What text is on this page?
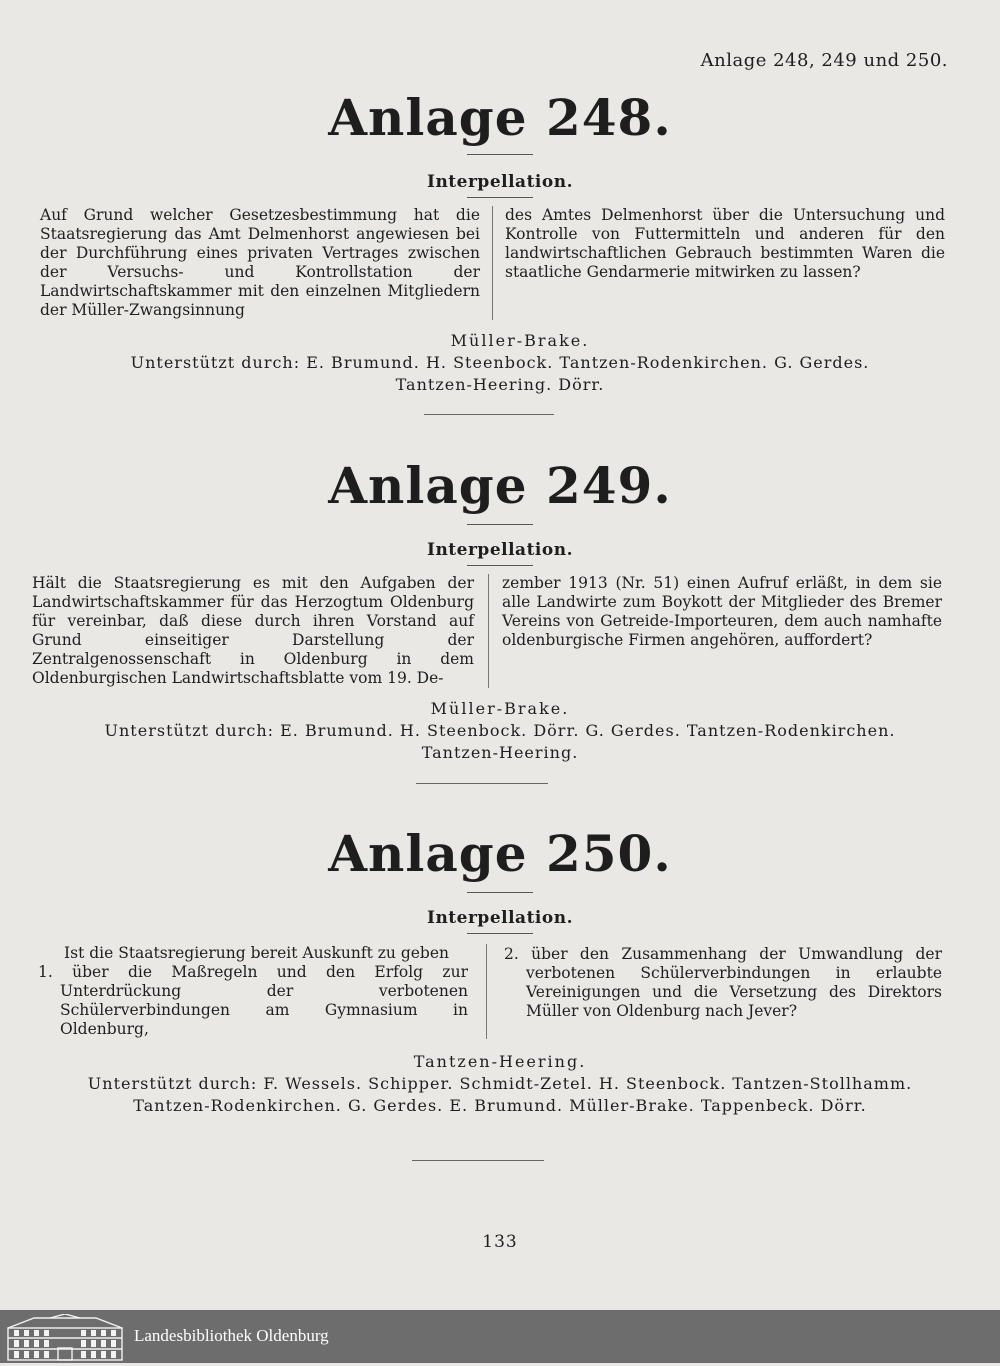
Anlage 248, 249 und 250.
Anlage 248.

Interpellation.

Auf Grund welcher Gesetzesbestimmung hat die Staatsregierung das Amt Delmenhorst angewiesen bei der Durchführung eines privaten Vertrages zwischen der Versuchs- und Kontrollstation der Landwirtschaftskammer mit den einzelnen Mitgliedern der Müller-Zwangsinnung
des Amtes Delmenhorst über die Untersuchung und Kontrolle von Futtermitteln und anderen für den landwirtschaftlichen Gebrauch bestimmten Waren die staatliche Gendarmerie mitwirken zu lassen?
Müller-Brake.
Unterstützt durch: E. Brumund. H. Steenbock. Tantzen-Rodenkirchen. G. Gerdes.
Tantzen-Heering. Dörr.
Anlage 249.

Interpellation.

Hält die Staatsregierung es mit den Aufgaben der Landwirtschaftskammer für das Herzogtum Oldenburg für vereinbar, daß diese durch ihren Vorstand auf Grund einseitiger Darstellung der Zentralgenossenschaft in Oldenburg in dem Oldenburgischen Landwirtschaftsblatte vom 19. De-
zember 1913 (Nr. 51) einen Aufruf erläßt, in dem sie alle Landwirte zum Boykott der Mitglieder des Bremer Vereins von Getreide-Importeuren, dem auch namhafte oldenburgische Firmen angehören, auffordert?
Müller-Brake.
Unterstützt durch: E. Brumund. H. Steenbock. Dörr. G. Gerdes. Tantzen-Rodenkirchen.
Tantzen-Heering.
Anlage 250.

Interpellation.

Ist die Staatsregierung bereit Auskunft zu geben
1. über die Maßregeln und den Erfolg zur Unterdrückung der verbotenen Schülerverbindungen am Gymnasium in Oldenburg,
2. über den Zusammenhang der Umwandlung der verbotenen Schülerverbindungen in erlaubte Vereinigungen und die Versetzung des Direktors Müller von Oldenburg nach Jever?
Tantzen-Heering.
Unterstützt durch: F. Wessels. Schipper. Schmidt-Zetel. H. Steenbock. Tantzen-Stollhamm.
Tantzen-Rodenkirchen. G. Gerdes. E. Brumund. Müller-Brake. Tappenbeck. Dörr.
133
Landesbibliothek Oldenburg
